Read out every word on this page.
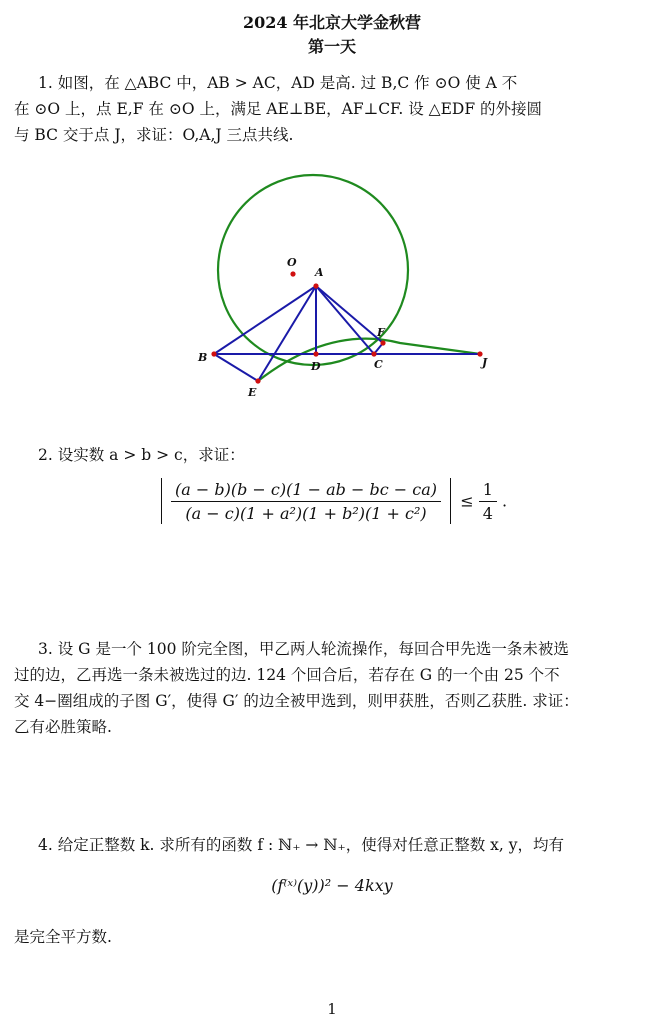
2024 年北京大学金秋营
第一天
1. 如图，在 △ABC 中，AB > AC，AD 是高. 过 B,C 作 ⊙O 使 A 不
在 ⊙O 上，点 E,F 在 ⊙O 上，满足 AE⊥BE，AF⊥CF. 设 △EDF 的外接圆
与 BC 交于点 J，求证：O,A,J 三点共线.
O
A
B
D	C
F
E
J
2. 设实数 a > b > c，求证：

$\frac{(a - b)(b - c)(1 - ab - bc - ca)}{\text{(a − c)(1 + a²)(1 + b²)(1 + c²)}} \le \frac{1}{4}$ .
3. 设 G 是一个 100 阶完全图，甲乙两人轮流操作，每回合甲先选一条未被选
过的边，乙再选一条未被选过的边. 124 个回合后，若存在 G 的一个由 25 个不
交 4−圈组成的子图 G′，使得 G′ 的边全被甲选到，则甲获胜，否则乙获胜. 求证：
乙有必胜策略.
4. 给定正整数 k. 求所有的函数 f : ℕ₊ → ℕ₊，使得对任意正整数 x, y，均有
(f⁽ˣ⁾(y))² − 4kxy
是完全平方数.
1
